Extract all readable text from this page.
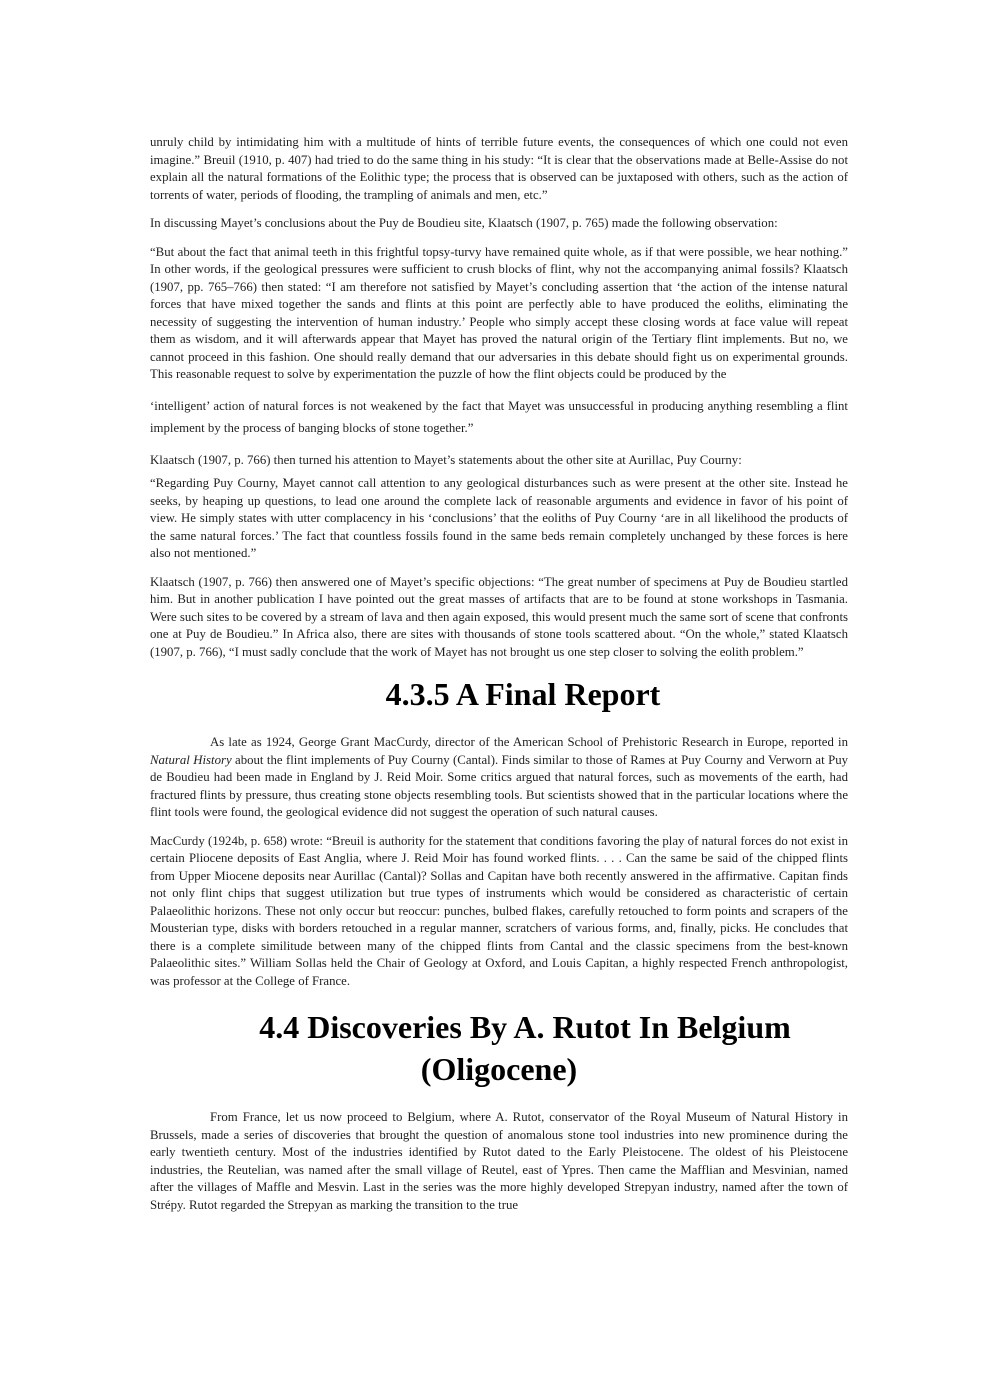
unruly child by intimidating him with a multitude of hints of terrible future events, the consequences of which one could not even imagine.” Breuil (1910, p. 407) had tried to do the same thing in his study: “It is clear that the observations made at Belle-Assise do not explain all the natural formations of the Eolithic type; the process that is observed can be juxtaposed with others, such as the action of torrents of water, periods of flooding, the trampling of animals and men, etc.”

In discussing Mayet’s conclusions about the Puy de Boudieu site, Klaatsch (1907, p. 765) made the following observation:

“But about the fact that animal teeth in this frightful topsy-turvy have remained quite whole, as if that were possible, we hear nothing.” In other words, if the geological pressures were sufficient to crush blocks of flint, why not the accompanying animal fossils? Klaatsch (1907, pp. 765–766) then stated: “I am therefore not satisfied by Mayet’s concluding assertion that ‘the action of the intense natural forces that have mixed together the sands and flints at this point are perfectly able to have produced the eoliths, eliminating the necessity of suggesting the intervention of human industry.’ People who simply accept these closing words at face value will repeat them as wisdom, and it will afterwards appear that Mayet has proved the natural origin of the Tertiary flint implements. But no, we cannot proceed in this fashion. One should really demand that our adversaries in this debate should fight us on experimental grounds. This reasonable request to solve by experimentation the puzzle of how the flint objects could be produced by the

‘intelligent’ action of natural forces is not weakened by the fact that Mayet was unsuccessful in producing anything resembling a flint implement by the process of banging blocks of stone together.”

Klaatsch (1907, p. 766) then turned his attention to Mayet’s statements about the other site at Aurillac, Puy Courny:

“Regarding Puy Courny, Mayet cannot call attention to any geological disturbances such as were present at the other site. Instead he seeks, by heaping up questions, to lead one around the complete lack of reasonable arguments and evidence in favor of his point of view. He simply states with utter complacency in his ‘conclusions’ that the eoliths of Puy Courny ‘are in all likelihood the products of the same natural forces.’ The fact that countless fossils found in the same beds remain completely unchanged by these forces is here also not mentioned.”

Klaatsch (1907, p. 766) then answered one of Mayet’s specific objections: “The great number of specimens at Puy de Boudieu startled him. But in another publication I have pointed out the great masses of artifacts that are to be found at stone workshops in Tasmania. Were such sites to be covered by a stream of lava and then again exposed, this would present much the same sort of scene that confronts one at Puy de Boudieu.” In Africa also, there are sites with thousands of stone tools scattered about. “On the whole,” stated Klaatsch (1907, p. 766), “I must sadly conclude that the work of Mayet has not brought us one step closer to solving the eolith problem.”

4.3.5 A Final Report

As late as 1924, George Grant MacCurdy, director of the American School of Prehistoric Research in Europe, reported in Natural History about the flint implements of Puy Courny (Cantal). Finds similar to those of Rames at Puy Courny and Verworn at Puy de Boudieu had been made in England by J. Reid Moir. Some critics argued that natural forces, such as movements of the earth, had fractured flints by pressure, thus creating stone objects resembling tools. But scientists showed that in the particular locations where the flint tools were found, the geological evidence did not suggest the operation of such natural causes.

MacCurdy (1924b, p. 658) wrote: “Breuil is authority for the statement that conditions favoring the play of natural forces do not exist in certain Pliocene deposits of East Anglia, where J. Reid Moir has found worked flints. . . . Can the same be said of the chipped flints from Upper Miocene deposits near Aurillac (Cantal)? Sollas and Capitan have both recently answered in the affirmative. Capitan finds not only flint chips that suggest utilization but true types of instruments which would be considered as characteristic of certain Palaeolithic horizons. These not only occur but reoccur: punches, bulbed flakes, carefully retouched to form points and scrapers of the Mousterian type, disks with borders retouched in a regular manner, scratchers of various forms, and, finally, picks. He concludes that there is a complete similitude between many of the chipped flints from Cantal and the classic specimens from the best-known Palaeolithic sites.” William Sollas held the Chair of Geology at Oxford, and Louis Capitan, a highly respected French anthropologist, was professor at the College of France.

4.4 Discoveries By A. Rutot In Belgium
(Oligocene)

From France, let us now proceed to Belgium, where A. Rutot, conservator of the Royal Museum of Natural History in Brussels, made a series of discoveries that brought the question of anomalous stone tool industries into new prominence during the early twentieth century. Most of the industries identified by Rutot dated to the Early Pleistocene. The oldest of his Pleistocene industries, the Reutelian, was named after the small village of Reutel, east of Ypres. Then came the Mafflian and Mesvinian, named after the villages of Maffle and Mesvin. Last in the series was the more highly developed Strepyan industry, named after the town of Strépy. Rutot regarded the Strepyan as marking the transition to the true
